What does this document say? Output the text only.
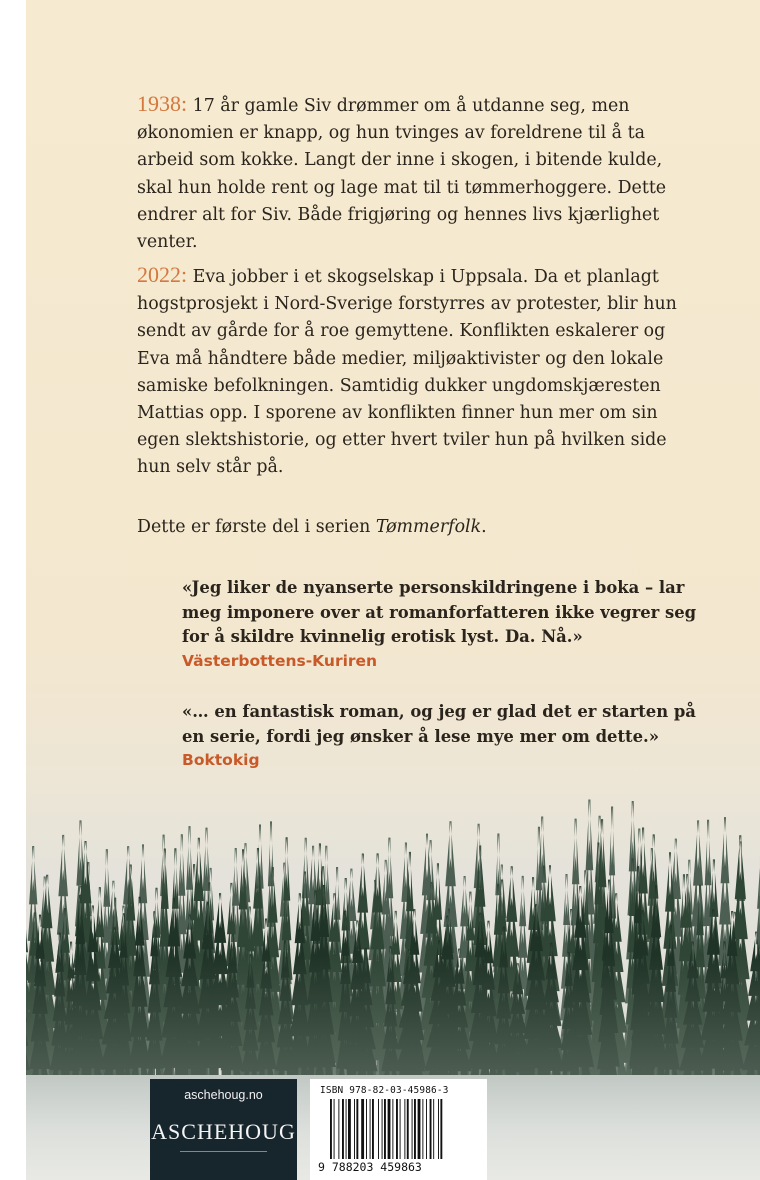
1938: 17 år gamle Siv drømmer om å utdanne seg, men økonomien er knapp, og hun tvinges av foreldrene til å ta arbeid som kokke. Langt der inne i skogen, i bitende kulde, skal hun holde rent og lage mat til ti tømmerhoggere. Dette endrer alt for Siv. Både frigjøring og hennes livs kjærlighet venter.

2022: Eva jobber i et skogselskap i Uppsala. Da et planlagt hogstprosjekt i Nord-Sverige forstyrres av protester, blir hun sendt av gårde for å roe gemyttene. Konflikten eskalerer og Eva må håndtere både medier, miljøaktivister og den lokale samiske befolkningen. Samtidig dukker ungdomskjæresten Mattias opp. I sporene av konflikten finner hun mer om sin egen slektshistorie, og etter hvert tviler hun på hvilken side hun selv står på.

Dette er første del i serien Tømmerfolk.

«Jeg liker de nyanserte personskildringene i boka – lar meg imponere over at romanforfatteren ikke vegrer seg for å skildre kvinnelig erotisk lyst. Da. Nå.»
Västerbottens-Kuriren

«… en fantastisk roman, og jeg er glad det er starten på en serie, fordi jeg ønsker å lese mye mer om dette.»
Boktokig

aschehoug.no
ASCHEHOUG
ISBN 978-82-03-45986-3
9 788203 459863
